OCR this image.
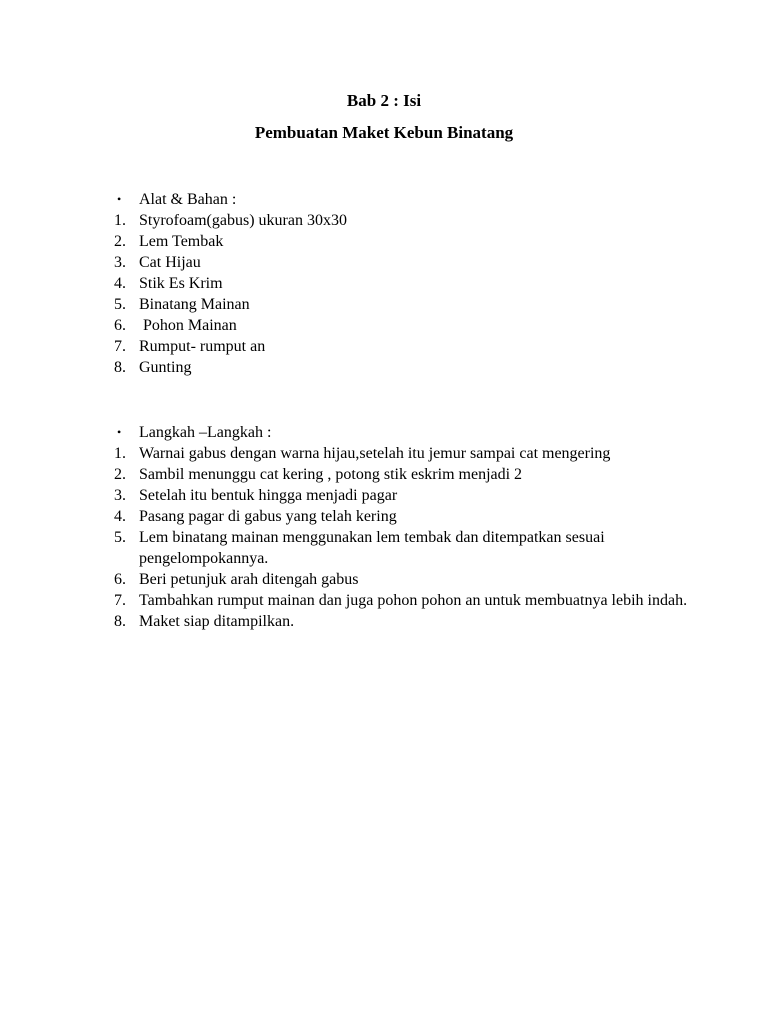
Bab 2 : Isi
Pembuatan Maket Kebun Binatang
•	Alat & Bahan :
1. Styrofoam(gabus) ukuran 30x30
2. Lem Tembak
3. Cat Hijau
4. Stik Es Krim
5. Binatang Mainan
6. Pohon Mainan
7. Rumput- rumput an
8. Gunting
•	Langkah –Langkah :
1. Warnai gabus dengan warna hijau,setelah itu jemur sampai cat mengering
2. Sambil menunggu cat kering , potong stik eskrim menjadi 2
3. Setelah itu bentuk hingga menjadi pagar
4. Pasang pagar di gabus yang telah kering
5. Lem binatang mainan menggunakan lem tembak dan ditempatkan sesuai pengelompokannya.
6. Beri petunjuk arah ditengah gabus
7. Tambahkan rumput mainan dan juga pohon pohon an untuk membuatnya lebih indah.
8. Maket siap ditampilkan.
